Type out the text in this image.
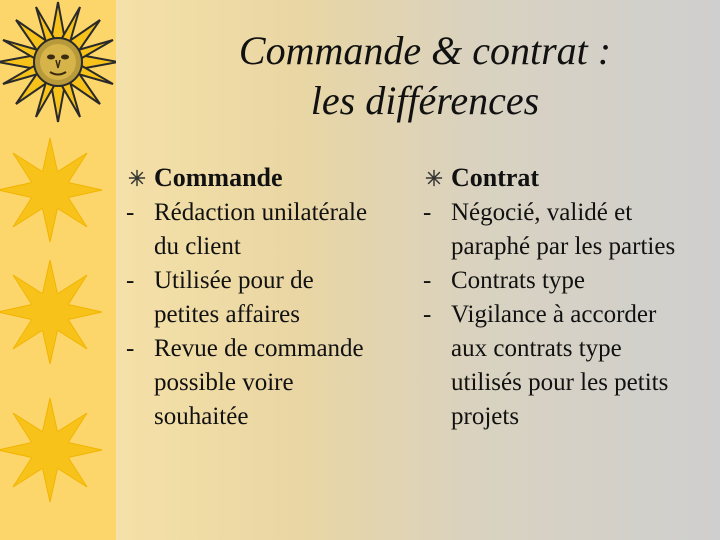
Commande & contrat :
les différences
Commande
- Rédaction unilatérale
du client
- Utilisée pour de
petites affaires
- Revue de commande
possible voire
souhaitée
Contrat
- Négocié, validé et
paraphé par les parties
- Contrats type
- Vigilance à accorder
aux contrats type
utilisés pour les petits
projets
